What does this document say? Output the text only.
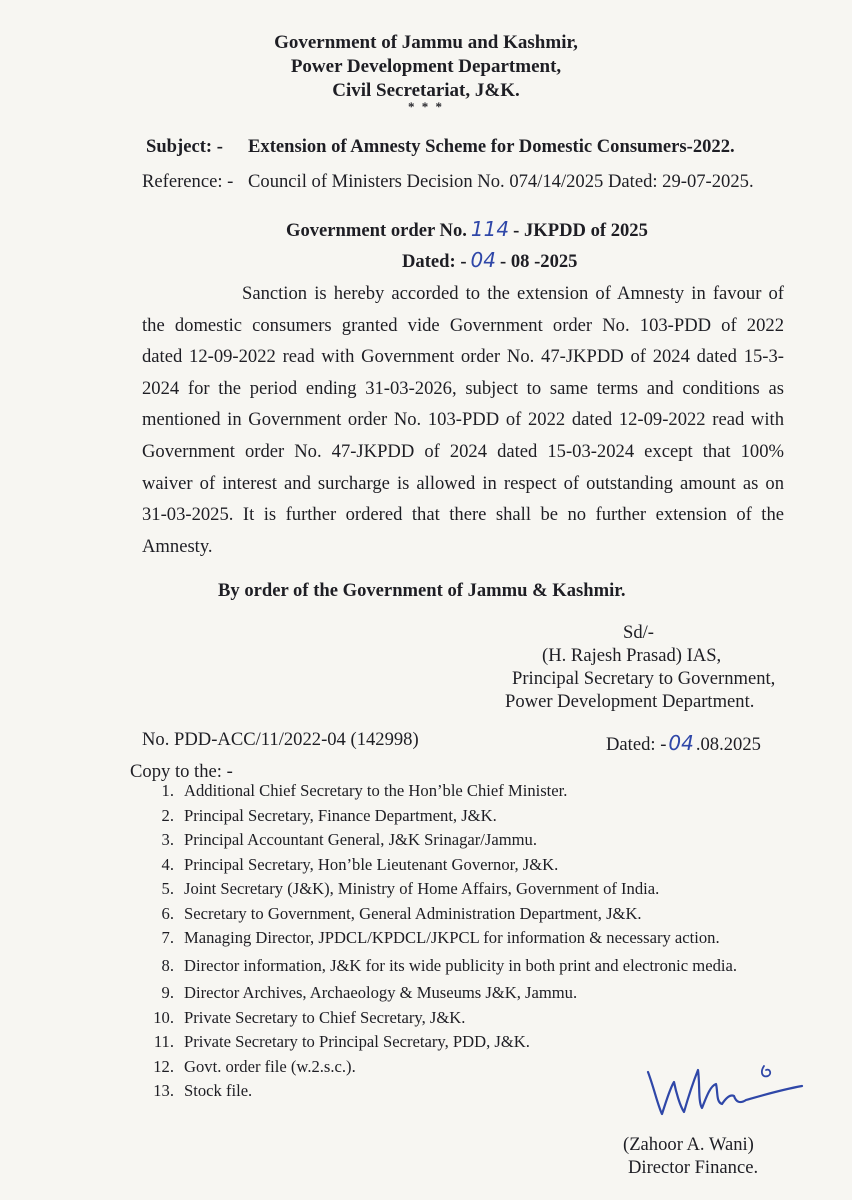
Government of Jammu and Kashmir,
Power Development Department,
Civil Secretariat, J&K.
* * *
Subject: - Extension of Amnesty Scheme for Domestic Consumers-2022.
Reference: - Council of Ministers Decision No. 074/14/2025 Dated: 29-07-2025.
Government order No. 114 - JKPDD of 2025
Dated: - 04 - 08 -2025
Sanction is hereby accorded to the extension of Amnesty in favour of
the domestic consumers granted vide Government order No. 103-PDD of 2022
dated 12-09-2022 read with Government order No. 47-JKPDD of 2024 dated 15-3-
2024 for the period ending 31-03-2026, subject to same terms and conditions as
mentioned in Government order No. 103-PDD of 2022 dated 12-09-2022 read with
Government order No. 47-JKPDD of 2024 dated 15-03-2024 except that 100%
waiver of interest and surcharge is allowed in respect of outstanding amount as on
31-03-2025. It is further ordered that there shall be no further extension of the
Amnesty.
By order of the Government of Jammu & Kashmir.
Sd/-
(H. Rajesh Prasad) IAS,
Principal Secretary to Government,
Power Development Department.
No. PDD-ACC/11/2022-04 (142998)	Dated: - 04 .08.2025
Copy to the: -
1. Additional Chief Secretary to the Hon’ble Chief Minister.
2. Principal Secretary, Finance Department, J&K.
3. Principal Accountant General, J&K Srinagar/Jammu.
4. Principal Secretary, Hon’ble Lieutenant Governor, J&K.
5. Joint Secretary (J&K), Ministry of Home Affairs, Government of India.
6. Secretary to Government, General Administration Department, J&K.
7. Managing Director, JPDCL/KPDCL/JKPCL for information & necessary action.
8. Director information, J&K for its wide publicity in both print and electronic media.
9. Director Archives, Archaeology & Museums J&K, Jammu.
10. Private Secretary to Chief Secretary, J&K.
11. Private Secretary to Principal Secretary, PDD, J&K.
12. Govt. order file (w.2.s.c.).
13. Stock file.
(Zahoor A. Wani)
Director Finance.
